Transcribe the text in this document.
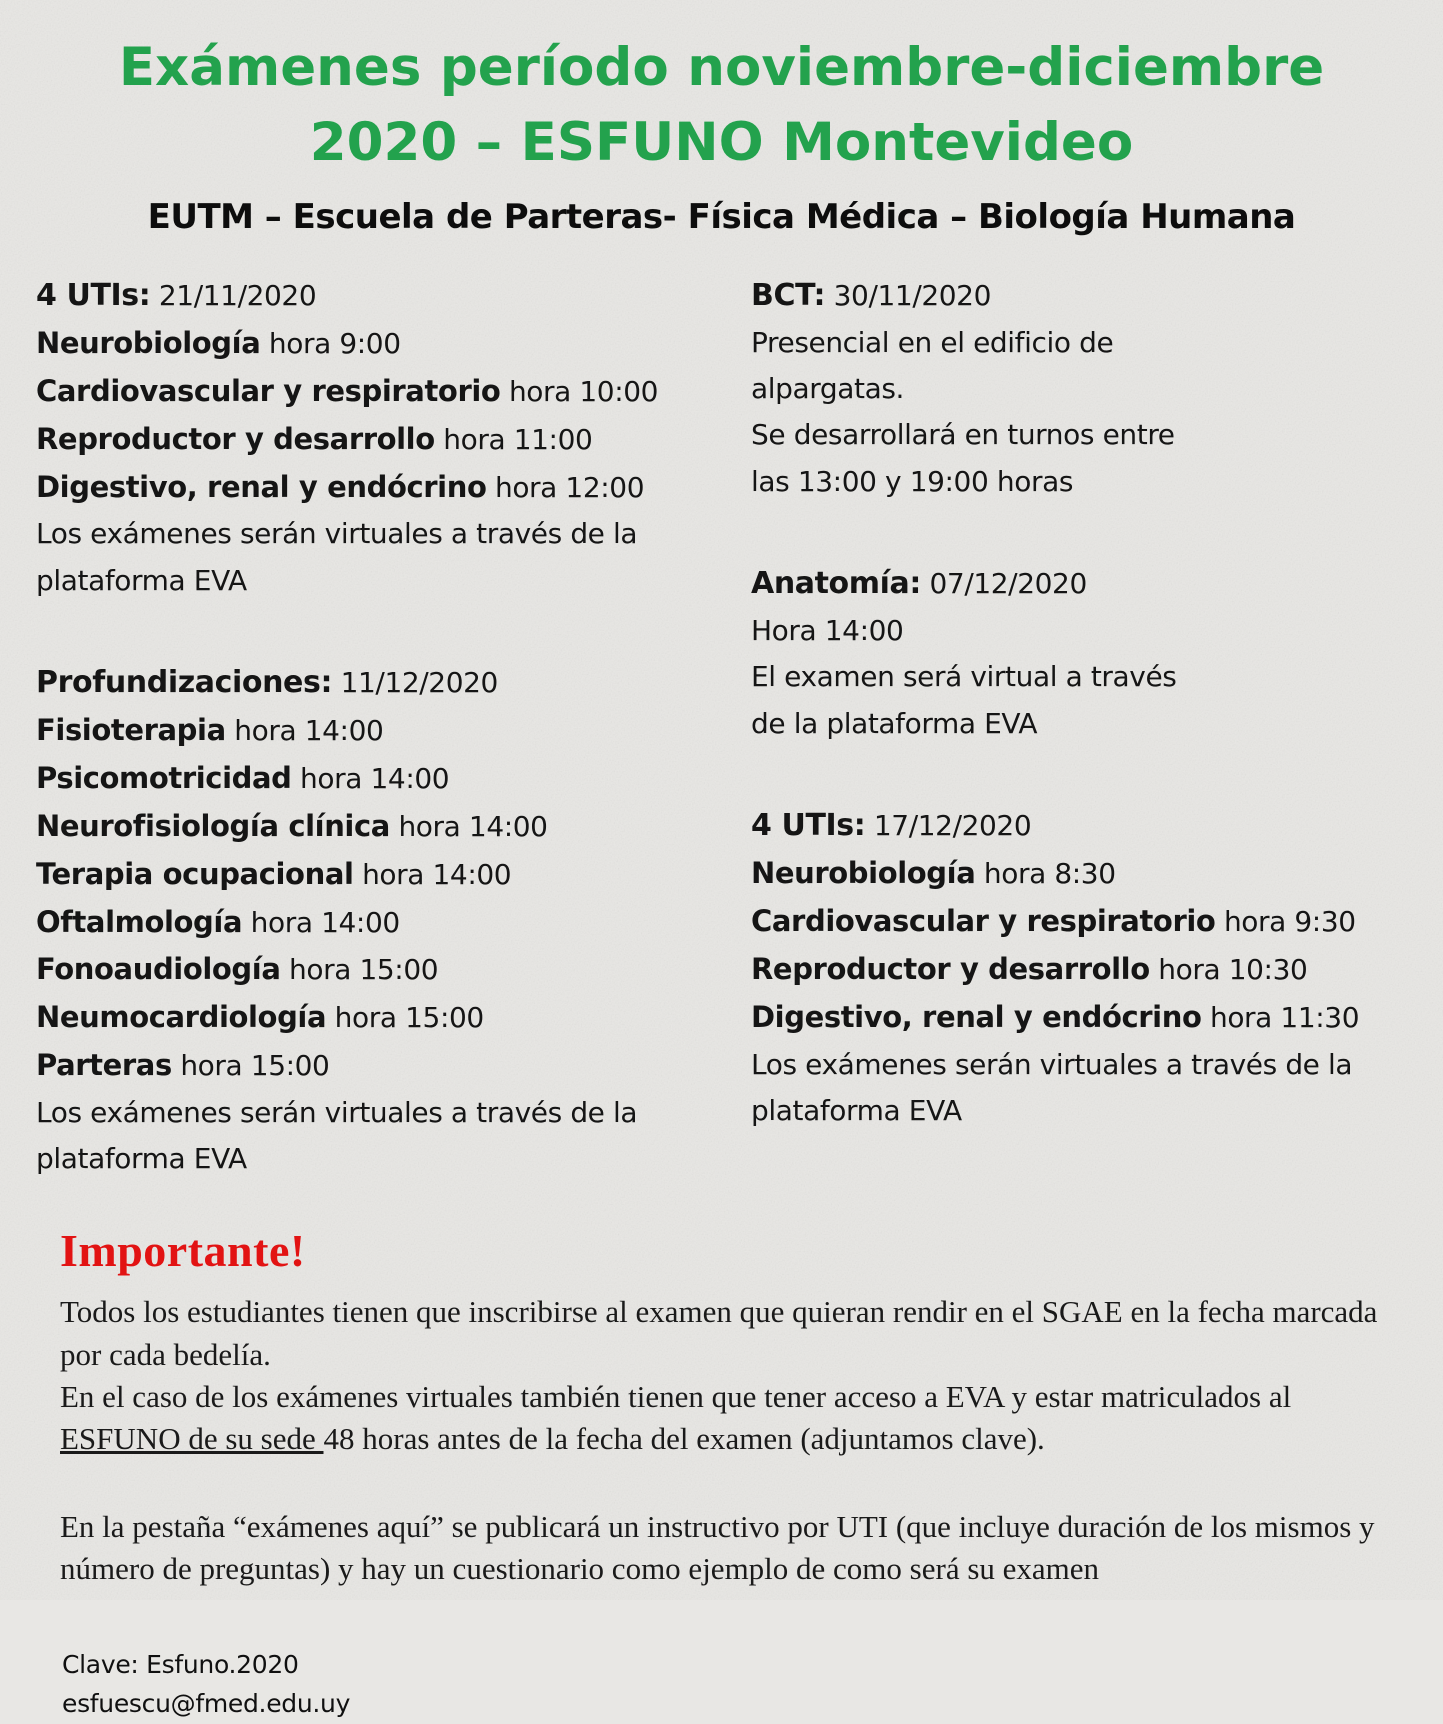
Exámenes período noviembre-diciembre
2020 – ESFUNO Montevideo
EUTM – Escuela de Parteras- Física Médica – Biología Humana
4 UTIs: 21/11/2020
Neurobiología hora 9:00
Cardiovascular y respiratorio hora 10:00
Reproductor y desarrollo hora 11:00
Digestivo, renal y endócrino hora 12:00
Los exámenes serán virtuales a través de la plataforma EVA
Profundizaciones: 11/12/2020
Fisioterapia hora 14:00
Psicomotricidad hora 14:00
Neurofisiología clínica hora 14:00
Terapia ocupacional hora 14:00
Oftalmología hora 14:00
Fonoaudiología hora 15:00
Neumocardiología hora 15:00
Parteras hora 15:00
Los exámenes serán virtuales a través de la plataforma EVA
BCT: 30/11/2020
Presencial en el edificio de alpargatas.
Se desarrollará en turnos entre las 13:00 y 19:00 horas
Anatomía: 07/12/2020
Hora 14:00
El examen será virtual a través de la plataforma EVA
4 UTIs: 17/12/2020
Neurobiología hora 8:30
Cardiovascular y respiratorio hora 9:30
Reproductor y desarrollo hora 10:30
Digestivo, renal y endócrino hora 11:30
Los exámenes serán virtuales a través de la plataforma EVA
Importante!

Todos los estudiantes tienen que inscribirse al examen que quieran rendir en el SGAE en la fecha marcada por cada bedelía.

En el caso de los exámenes virtuales también tienen que tener acceso a EVA y estar matriculados al ESFUNO de su sede 48 horas antes de la fecha del examen (adjuntamos clave).

En la pestaña “exámenes aquí” se publicará un instructivo por UTI (que incluye duración de los mismos y número de preguntas) y hay un cuestionario como ejemplo de como será su examen

Clave: Esfuno.2020
esfuescu@fmed.edu.uy
